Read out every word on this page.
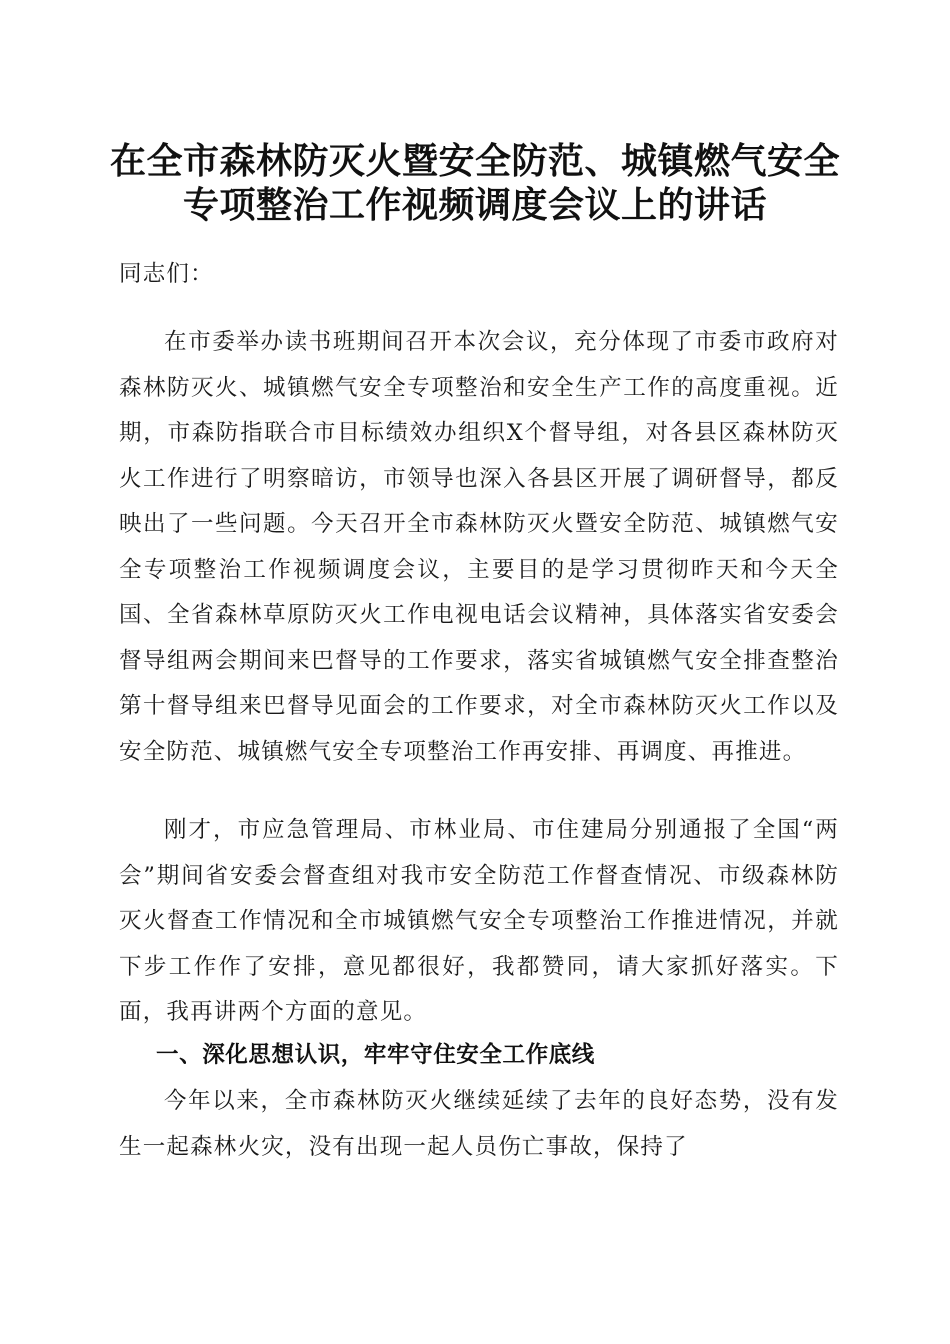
在全市森林防灭火暨安全防范、城镇燃气安全
专项整治工作视频调度会议上的讲话
同志们：

在市委举办读书班期间召开本次会议，充分体现了市委市政府对森林防灭火、城镇燃气安全专项整治和安全生产工作的高度重视。近期，市森防指联合市目标绩效办组织X个督导组，对各县区森林防灭火工作进行了明察暗访，市领导也深入各县区开展了调研督导，都反映出了一些问题。今天召开全市森林防灭火暨安全防范、城镇燃气安全专项整治工作视频调度会议，主要目的是学习贯彻昨天和今天全国、全省森林草原防灭火工作电视电话会议精神，具体落实省安委会督导组两会期间来巴督导的工作要求，落实省城镇燃气安全排查整治第十督导组来巴督导见面会的工作要求，对全市森林防灭火工作以及安全防范、城镇燃气安全专项整治工作再安排、再调度、再推进。

刚才，市应急管理局、市林业局、市住建局分别通报了全国“两会”期间省安委会督查组对我市安全防范工作督查情况、市级森林防灭火督查工作情况和全市城镇燃气安全专项整治工作推进情况，并就下步工作作了安排，意见都很好，我都赞同，请大家抓好落实。下面，我再讲两个方面的意见。

一、深化思想认识，牢牢守住安全工作底线

今年以来，全市森林防灭火继续延续了去年的良好态势，没有发生一起森林火灾，没有出现一起人员伤亡事故，保持了
